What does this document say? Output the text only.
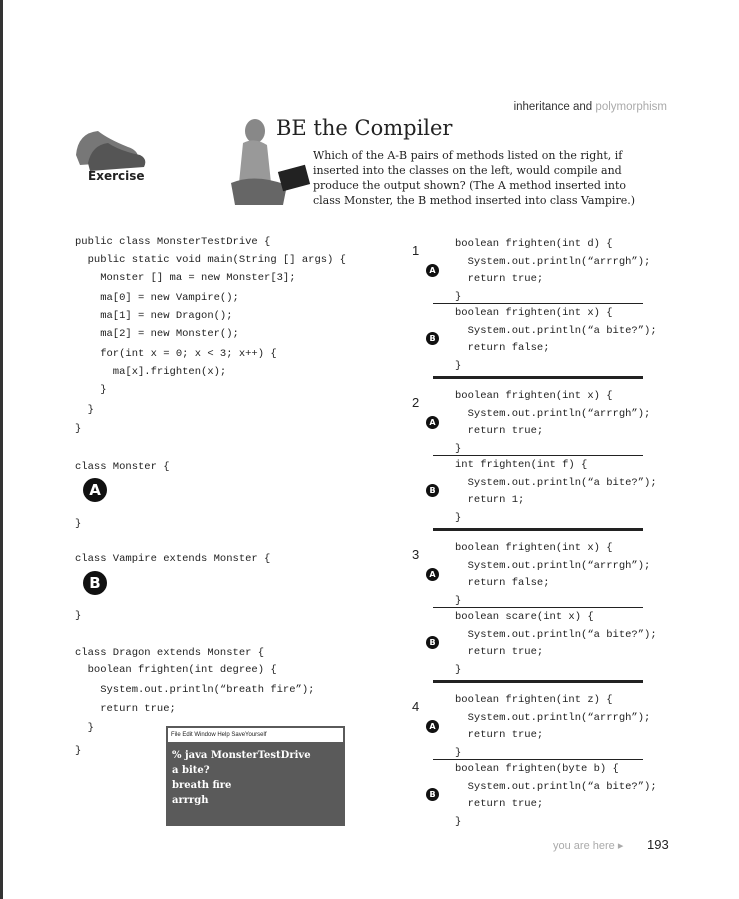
inheritance and polymorphism
Exercise
BE the Compiler
Which of the A-B pairs of methods listed on the right, if inserted into the classes on the left, would compile and produce the output shown? (The A method inserted into class Monster, the B method inserted into class Vampire.)
public class MonsterTestDrive {
public static void main(String [] args) {
Monster [] ma = new Monster[3];
ma[0] = new Vampire();
ma[1] = new Dragon();
ma[2] = new Monster();
for(int x = 0; x < 3; x++) {
ma[x].frighten(x);
}
}
}
class Monster {
}
class Vampire extends Monster {
}
class Dragon extends Monster {
boolean frighten(int degree) {
System.out.println(“breath fire”);
return true;
}
}
A
B
File Edit Window Help SaveYourself
% java MonsterTestDrive
a bite?
breath fire
arrrgh
1
A
B
boolean frighten(int d) {
System.out.println(“arrrgh”);
return true;
}
boolean frighten(int x) {
System.out.println(“a bite?”);
return false;
}
2
A
B
boolean frighten(int x) {
System.out.println(“arrrgh”);
return true;
}
int frighten(int f) {
System.out.println(“a bite?”);
return 1;
}
3
A
B
boolean frighten(int x) {
System.out.println(“arrrgh”);
return false;
}
boolean scare(int x) {
System.out.println(“a bite?”);
return true;
}
4
A
B
boolean frighten(int z) {
System.out.println(“arrrgh”);
return true;
}
boolean frighten(byte b) {
System.out.println(“a bite?”);
return true;
}
you are here ▸ 193
